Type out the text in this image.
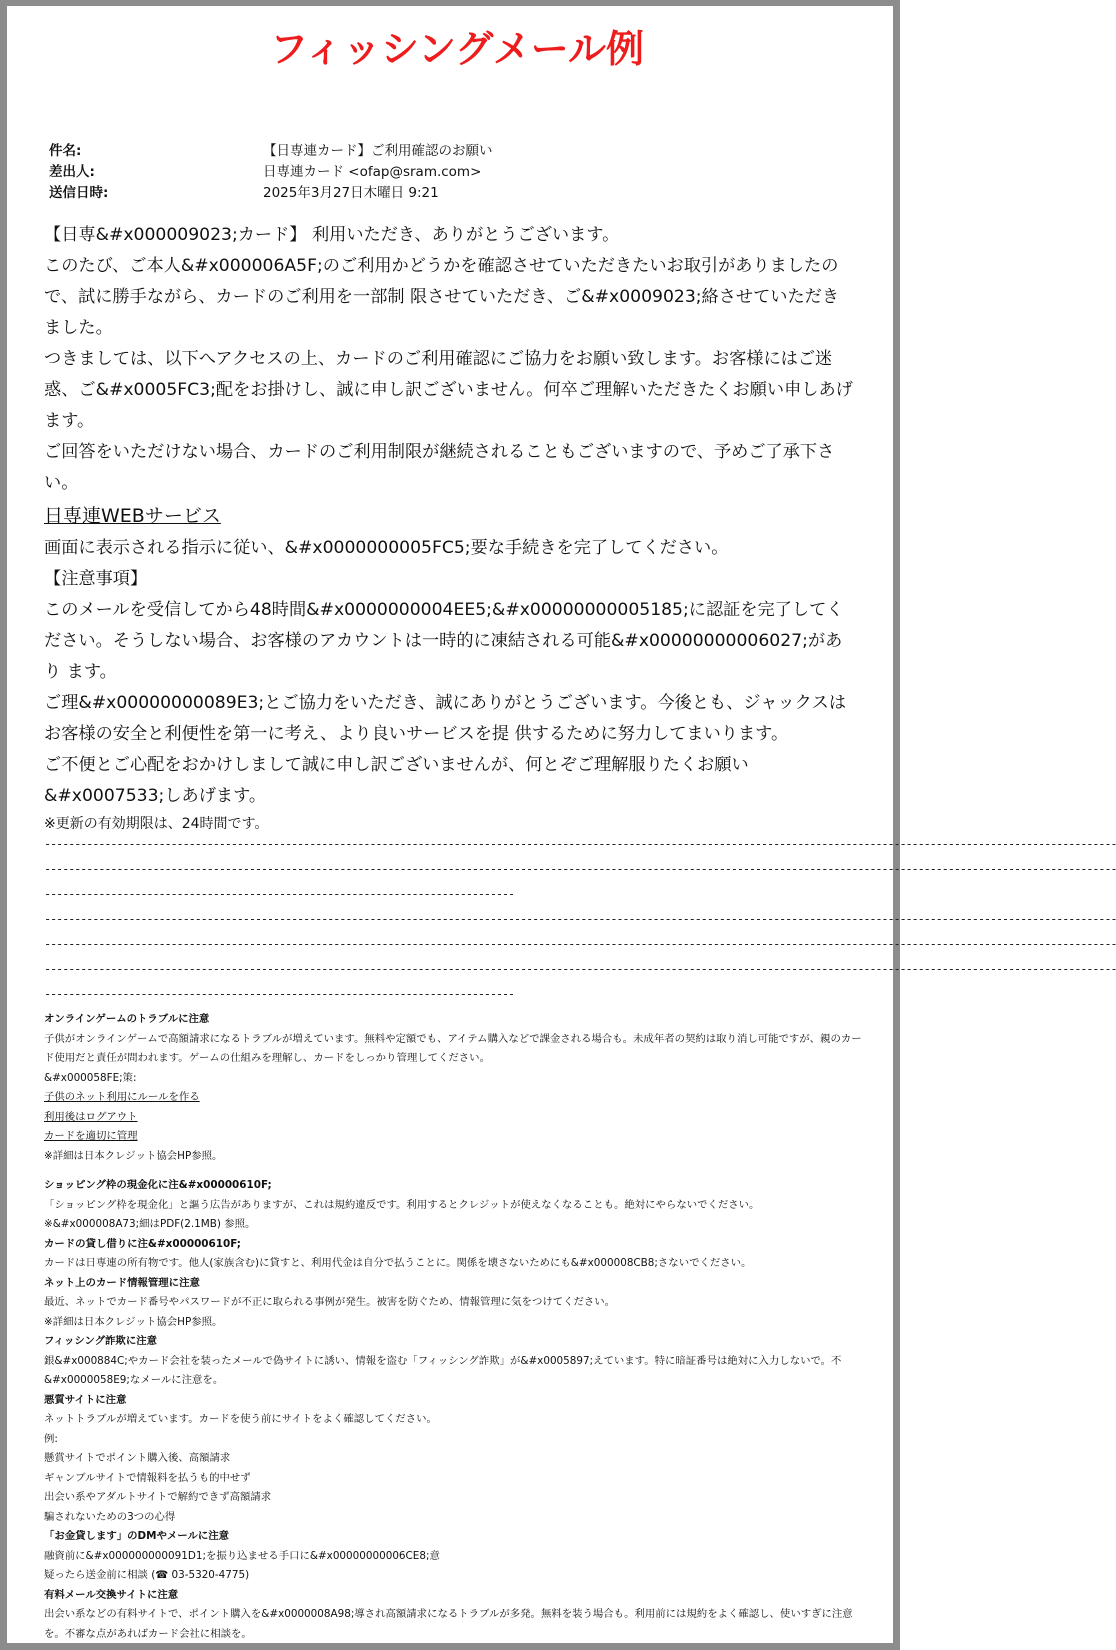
フィッシングメール例
件名:	【日専連カード】ご利用確認のお願い
差出人:	日専連カード <ofap@sram.com>
送信日時:	2025年3月27日木曜日 9:21

【日専&#x000009023;カード】 利用いただき、ありがとうございます。

このたび、ご本人&#x000006A5F;のご利用かどうかを確認させていただきたいお取引がありましたので、試に勝手ながら、カードのご利用を一部制 限させていただき、ご&#x0009023;絡させていただきました。

つきましては、以下へアクセスの上、カードのご利用確認にご協力をお願い致します。お客様にはご迷惑、ご&#x0005FC3;配をお掛けし、誠に申し訳ございません。何卒ご理解いただきたくお願い申しあげます。

ご回答をいただけない場合、カードのご利用制限が継続されることもございますので、予めご了承下さい。

日専連WEBサービス

画面に表示される指示に従い、&#x0000000005FC5;要な手続きを完了してください。

【注意事項】

このメールを受信してから48時間&#x0000000004EE5;&#x00000000005185;に認証を完了してください。そうしない場合、お客様のアカウントは一時的に凍結される可能&#x00000000006027;があり ます。

ご理&#x00000000089E3;とご協力をいただき、誠にありがとうございます。今後とも、ジャックスはお客様の安全と利便性を第一に考え、より良いサービスを提 供するために努力してまいります。

ご不便とご心配をおかけしまして誠に申し訳ございませんが、何とぞご理解服りたくお願い&#x0007533;しあげます。

※更新の有効期限は、24時間です。

----------------------------------------------------------------------------------------------------------------------------------------------------------------------------------
----------------------------------------------------------------------------------------------------------------------------------------------------------------------------------
------------------------------------------------------------------------------
----------------------------------------------------------------------------------------------------------------------------------------------------------------------------------
----------------------------------------------------------------------------------------------------------------------------------------------------------------------------------
----------------------------------------------------------------------------------------------------------------------------------------------------------------------------------
------------------------------------------------------------------------------

オンラインゲームのトラブルに注意

子供がオンラインゲームで高額請求になるトラブルが増えています。無料や定額でも、アイテム購入などで課金される場合も。未成年者の契約は取り消し可能ですが、親のカード使用だと責任が問われます。ゲームの仕組みを理解し、カードをしっかり管理してください。

&#x000058FE;策:

子供のネット利用にルールを作る

利用後はログアウト

カードを適切に管理

※詳細は日本クレジット協会HP参照。

ショッピング枠の現金化に注&#x00000610F;

「ショッピング枠を現金化」と謳う広告がありますが、これは規約違反です。利用するとクレジットが使えなくなることも。絶対にやらないでください。

※&#x000008A73;細はPDF(2.1MB) 参照。

カードの貸し借りに注&#x00000610F;

カードは日専連の所有物です。他人(家族含む)に貸すと、利用代金は自分で払うことに。関係を壊さないためにも&#x000008CB8;さないでください。

ネット上のカード情報管理に注意

最近、ネットでカード番号やパスワードが不正に取られる事例が発生。被害を防ぐため、情報管理に気をつけてください。

※詳細は日本クレジット協会HP参照。

フィッシング詐欺に注意

銀&#x000884C;やカード会社を装ったメールで偽サイトに誘い、情報を盗む「フィッシング詐欺」が&#x0005897;えています。特に暗証番号は絶対に入力しないで。不&#x0000058E9;なメールに注意を。

悪質サイトに注意

ネットトラブルが増えています。カードを使う前にサイトをよく確認してください。

例:

懸賞サイトでポイント購入後、高額請求

ギャンブルサイトで情報料を払うも的中せず

出会い系やアダルトサイトで解約できず高額請求

騙されないための3つの心得

「お金貸します」のDMやメールに注意

融資前に&#x000000000091D1;を振り込ませる手口に&#x00000000006CE8;意

疑ったら送金前に相談 (☎ 03-5320-4775)

有料メール交換サイトに注意

出会い系などの有料サイトで、ポイント購入を&#x0000008A98;導され高額請求になるトラブルが多発。無料を装う場合も。利用前には規約をよく確認し、使いすぎに注意を。不審な点があればカード会社に相談を。
